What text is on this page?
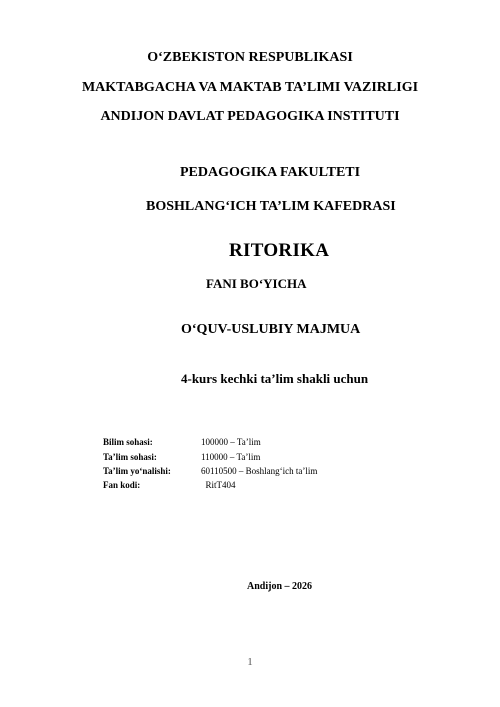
O‘ZBEKISTON RESPUBLIKASI
MAKTABGACHA VA MAKTAB TA’LIMI VAZIRLIGI
ANDIJON DAVLAT PEDAGOGIKA INSTITUTI
PEDAGOGIKA FAKULTETI
BOSHLANG‘ICH TA’LIM KAFEDRASI
RITORIKA
FANI BO‘YICHA
O‘QUV-USLUBIY MAJMUA
4-kurs kechki ta’lim shakli uchun
Bilim sohasi:	100000 – Ta’lim
Ta’lim sohasi:	110000 – Ta’lim
Ta’lim yo‘nalishi:	60110500 – Boshlang‘ich ta’lim
Fan kodi:	RitT404
Andijon – 2026
1
